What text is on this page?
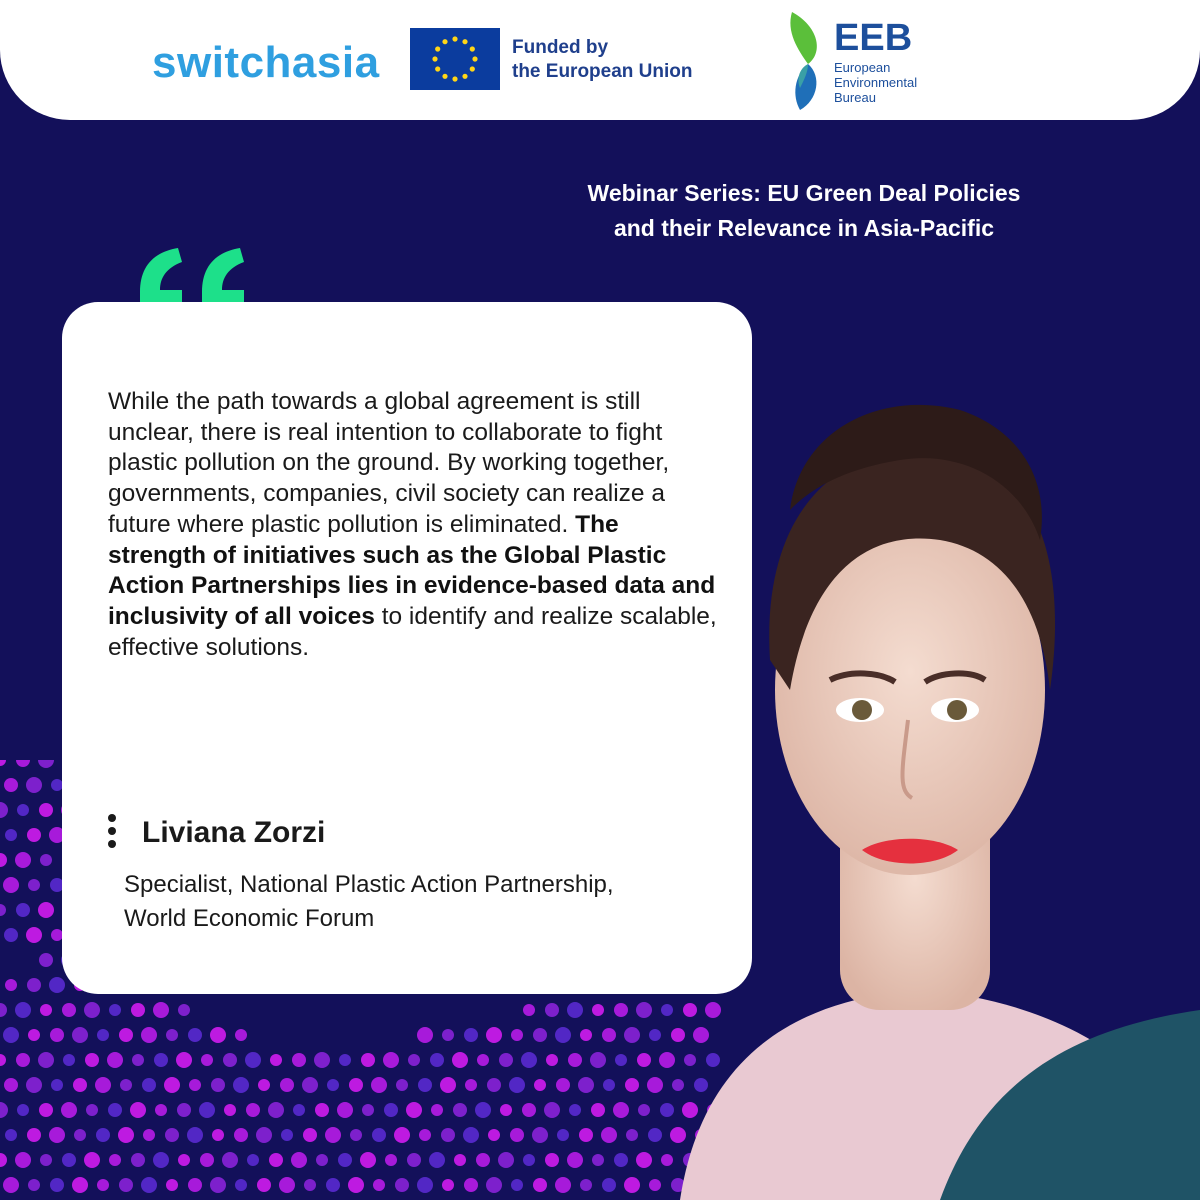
switchasia	Funded by
the European Union
EEB
European
Environmental
Bureau
Webinar Series: EU Green Deal Policies
and their Relevance in Asia-Pacific
While the path towards a global agreement is still unclear, there is real intention to collaborate to fight plastic pollution on the ground. By working together, governments, companies, civil society can realize a future where plastic pollution is eliminated. The strength of initiatives such as the Global Plastic Action Partnerships lies in evidence-based data and inclusivity of all voices to identify and realize scalable, effective solutions.
Liviana Zorzi
Specialist, National Plastic Action Partnership,
World Economic Forum
